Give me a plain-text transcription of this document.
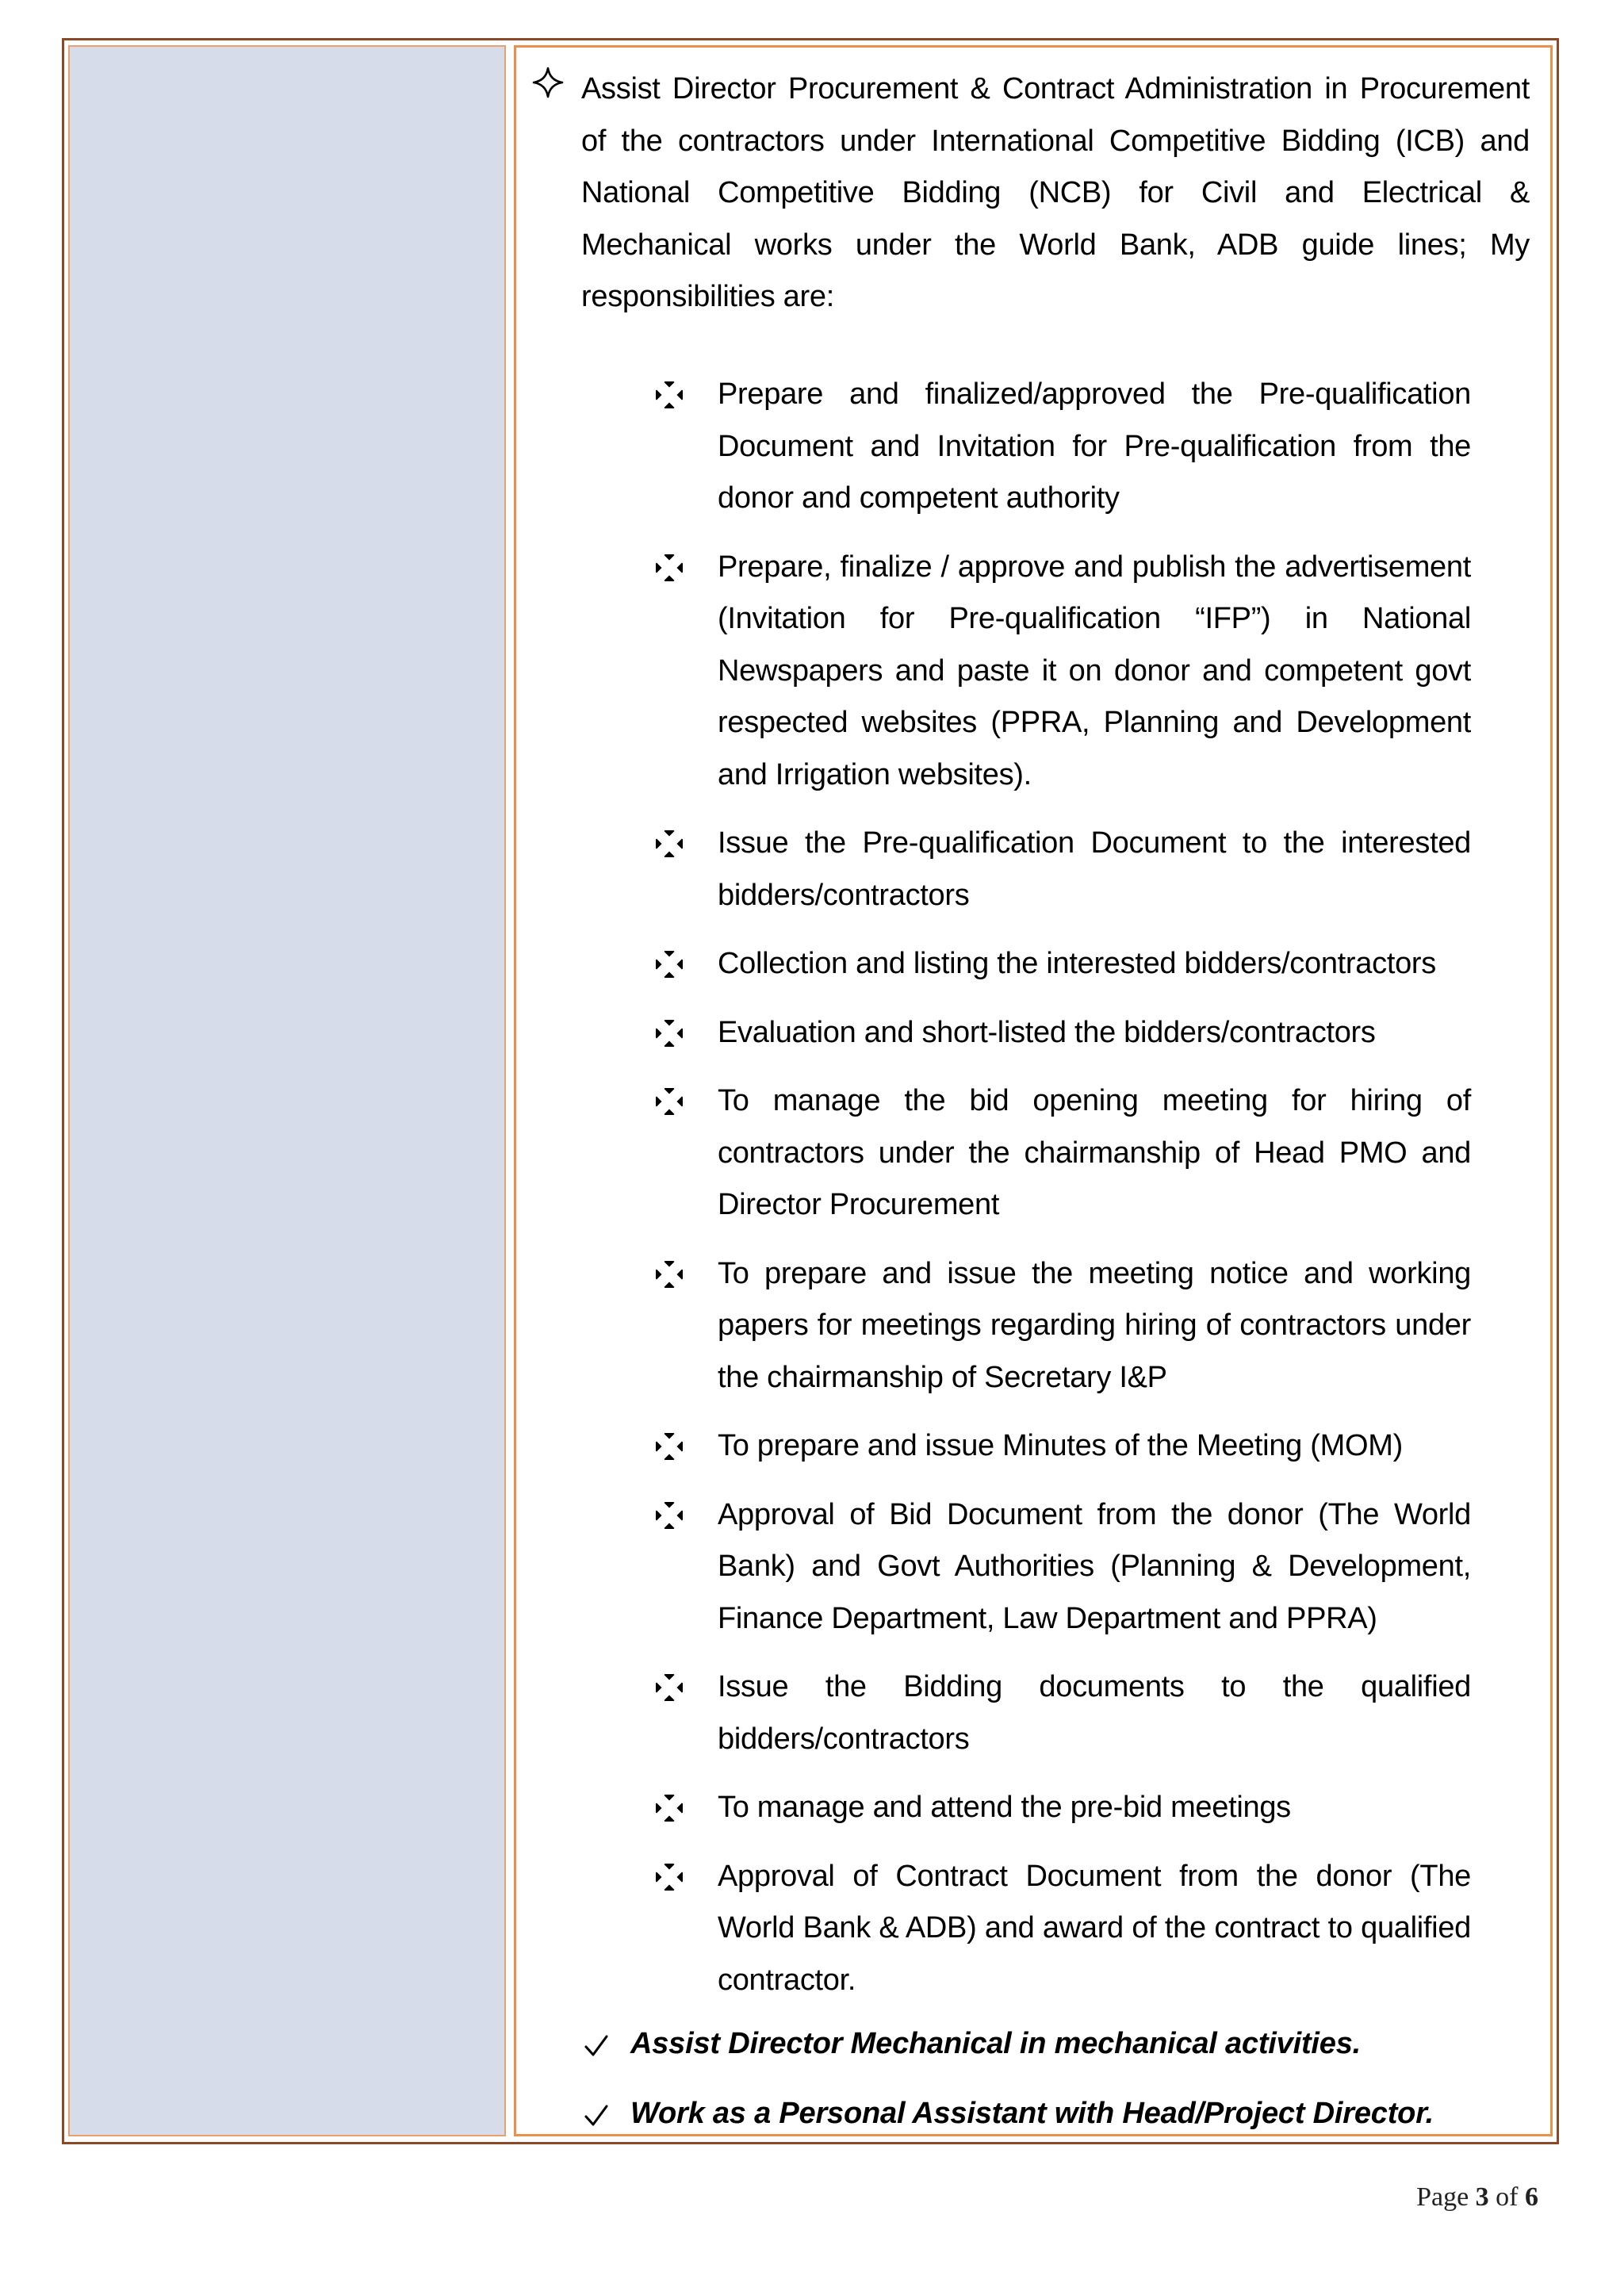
Assist Director Procurement & Contract Administration in Procurement of the contractors under International Competitive Bidding (ICB) and National Competitive Bidding (NCB) for Civil and Electrical & Mechanical works under the World Bank, ADB guide lines; My responsibilities are:
Prepare and finalized/approved the Pre-qualification Document and Invitation for Pre-qualification from the donor and competent authority
Prepare, finalize / approve and publish the advertisement (Invitation for Pre-qualification “IFP”) in National Newspapers and paste it on donor and competent govt respected websites (PPRA, Planning and Development and Irrigation websites).
Issue the Pre-qualification Document to the interested bidders/contractors
Collection and listing the interested bidders/contractors
Evaluation and short-listed the bidders/contractors
To manage the bid opening meeting for hiring of contractors under the chairmanship of Head PMO and Director Procurement
To prepare and issue the meeting notice and working papers for meetings regarding hiring of contractors under the chairmanship of Secretary I&P
To prepare and issue Minutes of the Meeting (MOM)
Approval of Bid Document from the donor (The World Bank) and Govt Authorities (Planning & Development, Finance Department, Law Department and PPRA)
Issue the Bidding documents to the qualified bidders/contractors
To manage and attend the pre-bid meetings
Approval of Contract Document from the donor (The World Bank & ADB) and award of the contract to qualified contractor.
Assist Director Mechanical in mechanical activities.
Work as a Personal Assistant with Head/Project Director.
Page 3 of 6
